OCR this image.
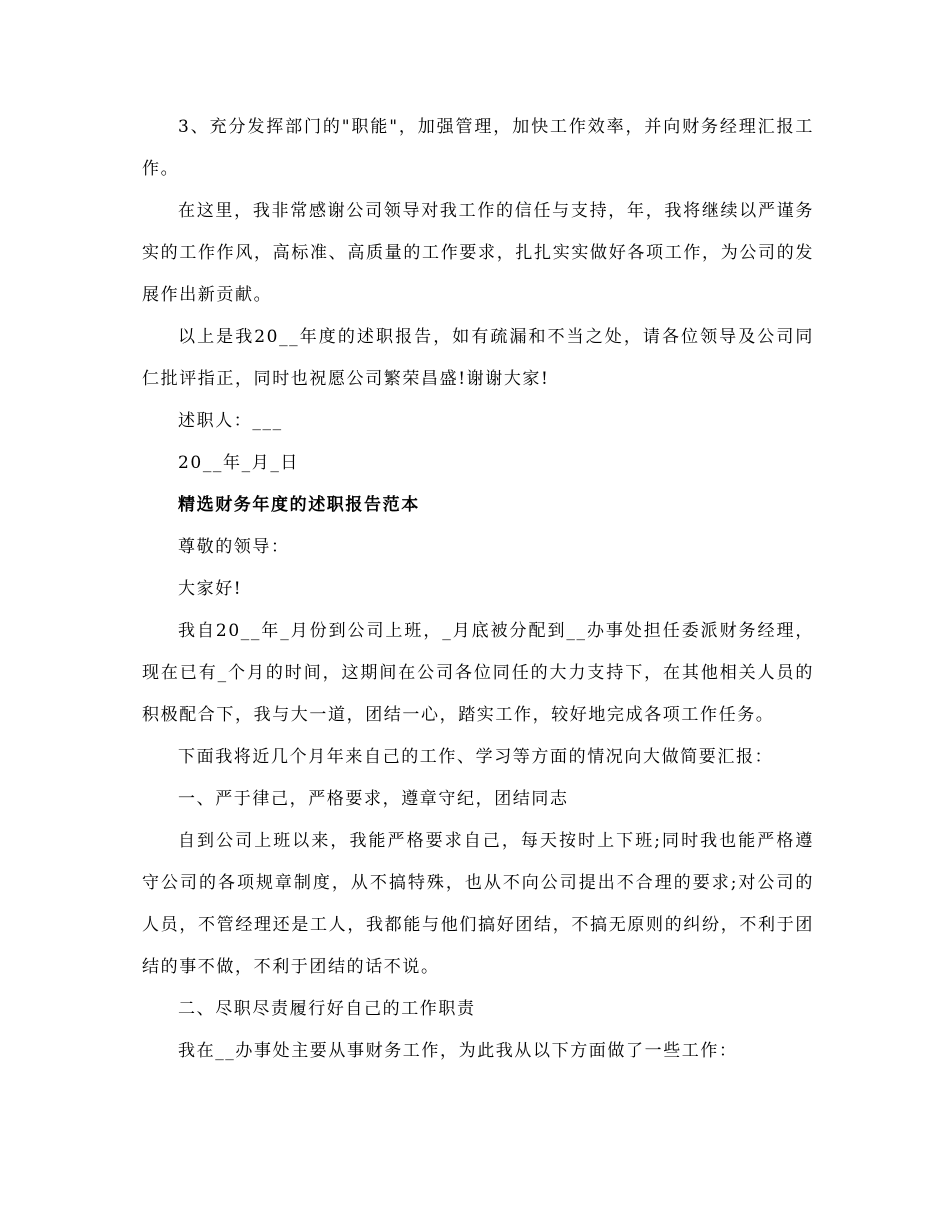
3、充分发挥部门的"职能"，加强管理，加快工作效率，并向财务经理汇报工作。

在这里，我非常感谢公司领导对我工作的信任与支持，年，我将继续以严谨务实的工作作风，高标准、高质量的工作要求，扎扎实实做好各项工作，为公司的发展作出新贡献。

以上是我20__年度的述职报告，如有疏漏和不当之处，请各位领导及公司同仁批评指正，同时也祝愿公司繁荣昌盛!谢谢大家!

述职人：___

20__年_月_日

精选财务年度的述职报告范本

尊敬的领导：

大家好!

我自20__年_月份到公司上班，_月底被分配到__办事处担任委派财务经理，现在已有_个月的时间，这期间在公司各位同任的大力支持下，在其他相关人员的积极配合下，我与大一道，团结一心，踏实工作，较好地完成各项工作任务。

下面我将近几个月年来自己的工作、学习等方面的情况向大做简要汇报：

一、严于律己，严格要求，遵章守纪，团结同志

自到公司上班以来，我能严格要求自己，每天按时上下班;同时我也能严格遵守公司的各项规章制度，从不搞特殊，也从不向公司提出不合理的要求;对公司的人员，不管经理还是工人，我都能与他们搞好团结，不搞无原则的纠纷，不利于团结的事不做，不利于团结的话不说。

二、尽职尽责履行好自己的工作职责

我在__办事处主要从事财务工作，为此我从以下方面做了一些工作：
